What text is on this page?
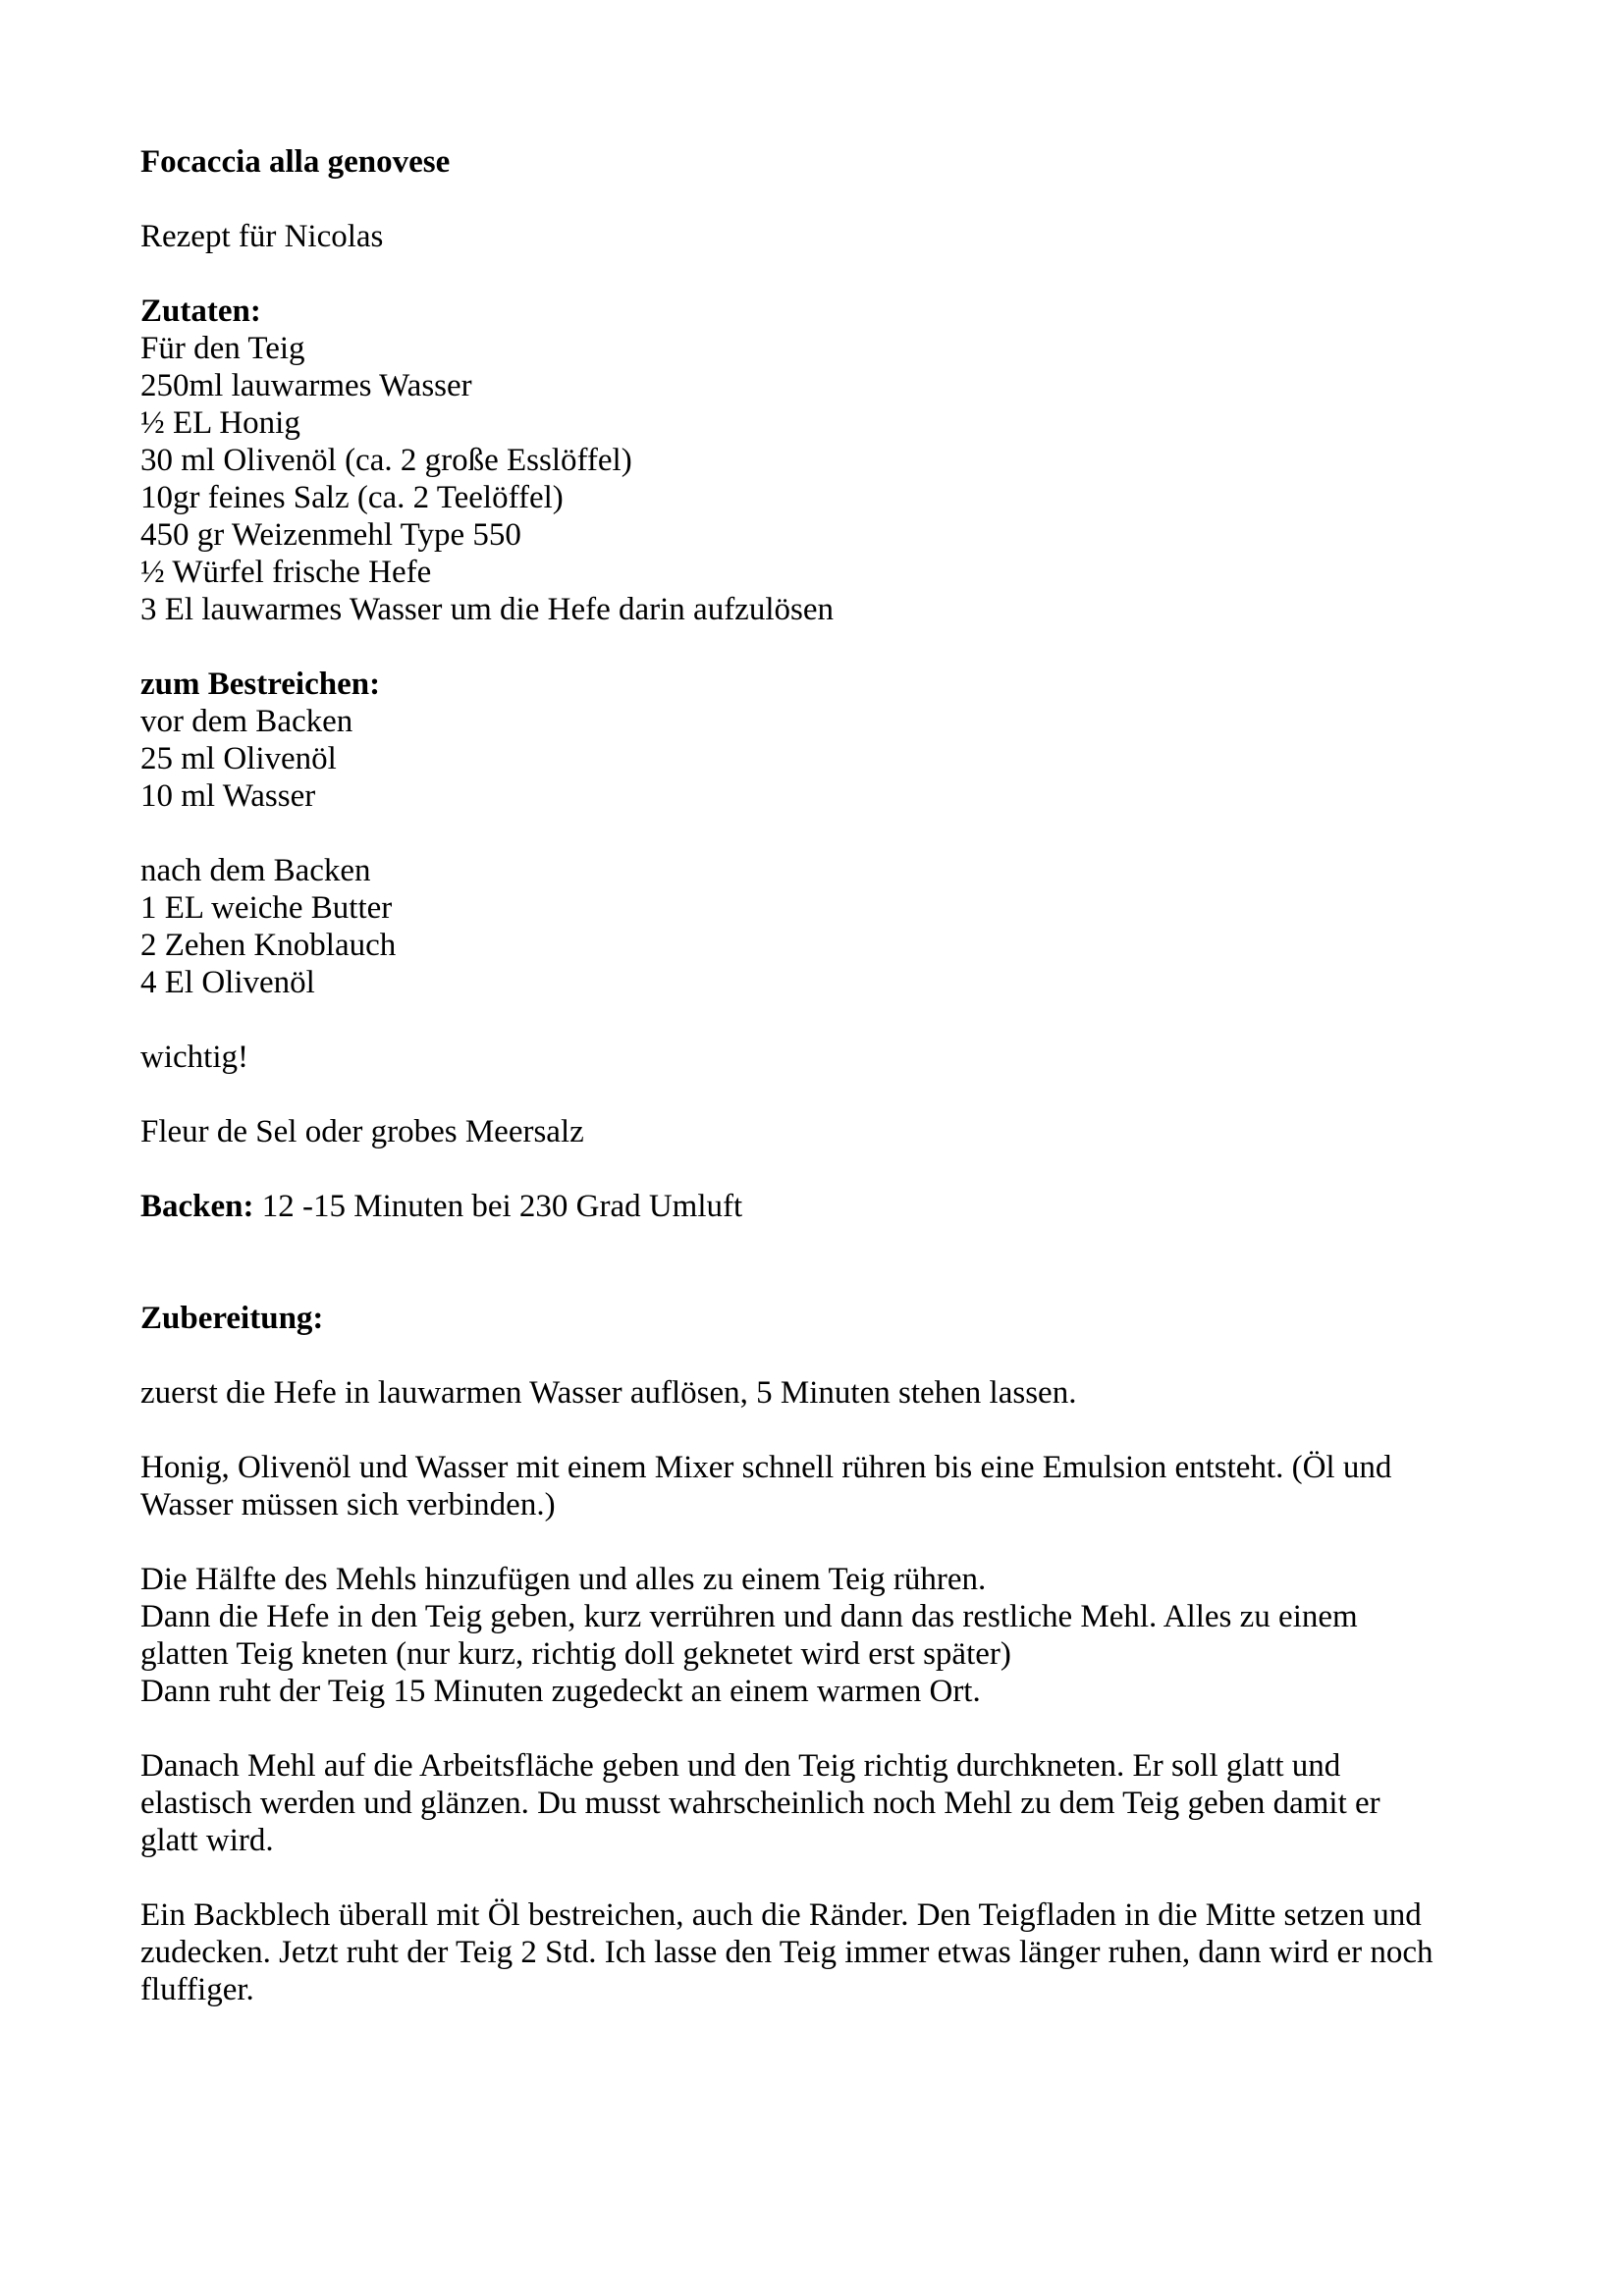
Focaccia alla genovese

Rezept für Nicolas

Zutaten:

Für den Teig
250ml lauwarmes Wasser
½ EL Honig
30 ml Olivenöl (ca. 2 große Esslöffel)
10gr feines Salz (ca. 2 Teelöffel)
450 gr Weizenmehl Type 550
½ Würfel frische Hefe
3 El lauwarmes Wasser um die Hefe darin aufzulösen

zum Bestreichen:

vor dem Backen
25 ml Olivenöl
10 ml Wasser

nach dem Backen
1 EL weiche Butter
2 Zehen Knoblauch
4 El Olivenöl

wichtig!

Fleur de Sel oder grobes Meersalz

Backen: 12 -15 Minuten bei 230 Grad Umluft

Zubereitung:

zuerst die Hefe in lauwarmen Wasser auflösen, 5 Minuten stehen lassen.

Honig, Olivenöl und Wasser mit einem Mixer schnell rühren bis eine Emulsion entsteht. (Öl und
Wasser müssen sich verbinden.)

Die Hälfte des Mehls hinzufügen und alles zu einem Teig rühren.
Dann die Hefe in den Teig geben, kurz verrühren und dann das restliche Mehl. Alles zu einem
glatten Teig kneten (nur kurz, richtig doll geknetet wird erst später)
Dann ruht der Teig 15 Minuten zugedeckt an einem warmen Ort.

Danach Mehl auf die Arbeitsfläche geben und den Teig richtig durchkneten. Er soll glatt und
elastisch werden und glänzen. Du musst wahrscheinlich noch Mehl zu dem Teig geben damit er
glatt wird.

Ein Backblech überall mit Öl bestreichen, auch die Ränder. Den Teigfladen in die Mitte setzen und
zudecken. Jetzt ruht der Teig 2 Std. Ich lasse den Teig immer etwas länger ruhen, dann wird er noch
fluffiger.
